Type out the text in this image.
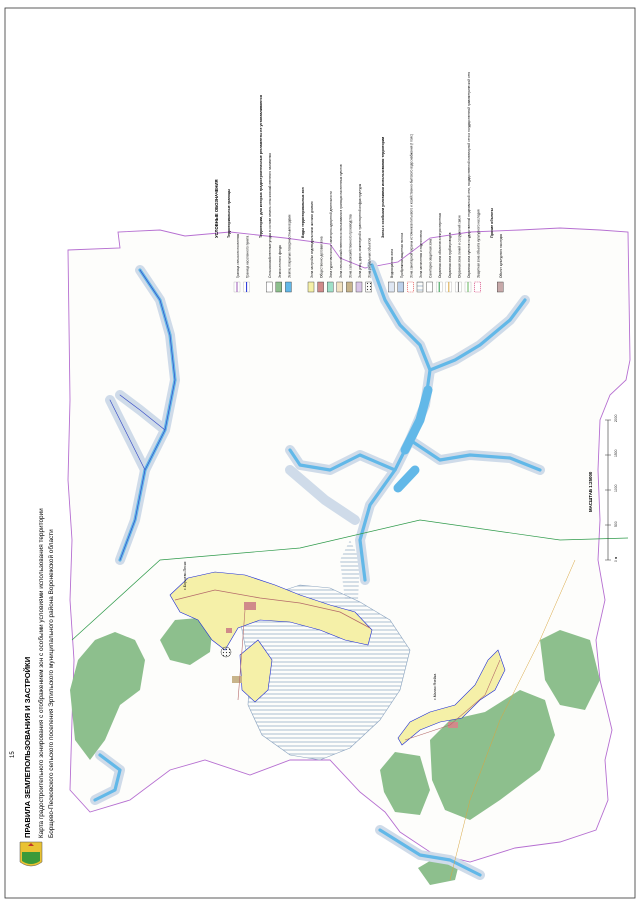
15 ПРАВИЛА ЗЕМЛЕПОЛЬЗОВАНИЯ И ЗАСТРОЙКИ Карта градостроительного зонирования с отображением зон с особыми условиями использования территории Борщево-Песковского сельского поселения Эртильского муниципального района Воронежской области	с.Борщево-Пески
с.Малая Ячейка
0 м
500
1000
1500
2000
МАСШТАБ 1:25000
УСЛОВНЫЕ ОБОЗНАЧЕНИЯ Территориальные границы
Граница сельского поселения Граница населенного пункта
Территории, для которых градостроительные регламенты не устанавливаются Сельскохозяйственные угодья в составе земель сельскохозяйственного назначения Земли лесного фонда Земли, покрытые поверхностными водами
Виды территориальных зон Зона застройки индивидуальными жилыми домами Общественно-деловая зона Зона туристического и санаторно-курортной деятельности Зона сельскохозяйственного использования в границах населенных пунктов Зона сельскохозяйственного производства Зона улиц, дорог, инженерной и транспортной инфраструктуры Зона ритуальных объектов
Зоны с особыми условиями использования территории
Водоохранная зона Прибрежная защитная полоса Зона санитарной охраны источников питьевого и хозяйственно-бытового водоснабжения (I пояс) Зона затопления и подтопления Санитарно-защитная зона Охранная зона объектов электроэнергетики Охранная зона трубопроводов Охранная зона линий и сооружений связи Охранная зона пунктов государственной геодезической сети, государственной нивелирной сети и государственной гравиметрической сети Защитная зона объекта культурного наследия	Прочие объекты
Объект культурного наследия
